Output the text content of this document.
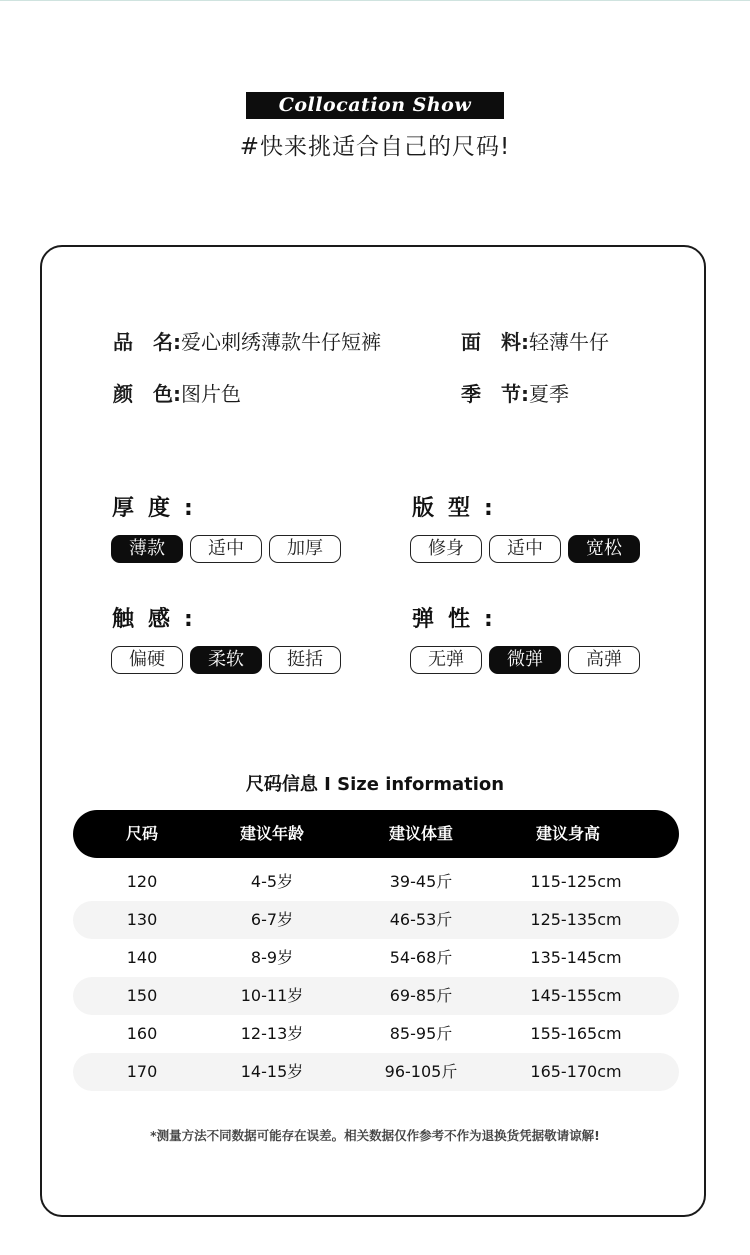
Collocation Show
#快来挑适合自己的尺码!
品　名:爱心刺绣薄款牛仔短裤	面　料:轻薄牛仔
颜　色:图片色	季　节:夏季
厚度:
薄款	适中	加厚
版型:
修身	适中	宽松
触感:
偏硬	柔软	挺括
弹性:
无弹	微弹	高弹
尺码信息 I Size information
尺码	建议年龄	建议体重	建议身高
120	4-5岁	39-45斤	115-125cm
130	6-7岁	46-53斤	125-135cm
140	8-9岁	54-68斤	135-145cm
150	10-11岁	69-85斤	145-155cm
160	12-13岁	85-95斤	155-165cm
170	14-15岁	96-105斤	165-170cm
*测量方法不同数据可能存在误差。相关数据仅作参考不作为退换货凭据敬请谅解!
